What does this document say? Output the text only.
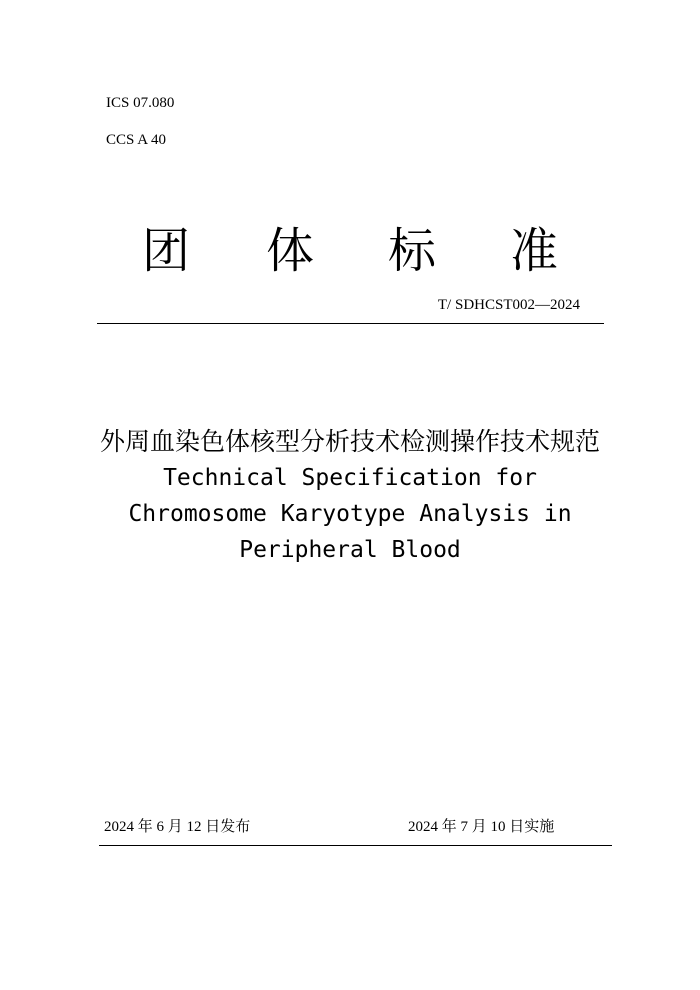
ICS 07.080
CCS A 40
团 体 标 准
T/ SDHCST002—2024

外周血染色体核型分析技术检测操作技术规范

Technical Specification for
Chromosome Karyotype Analysis in
Peripheral Blood

2024 年 6 月 12 日发布	2024 年 7 月 10 日实施
